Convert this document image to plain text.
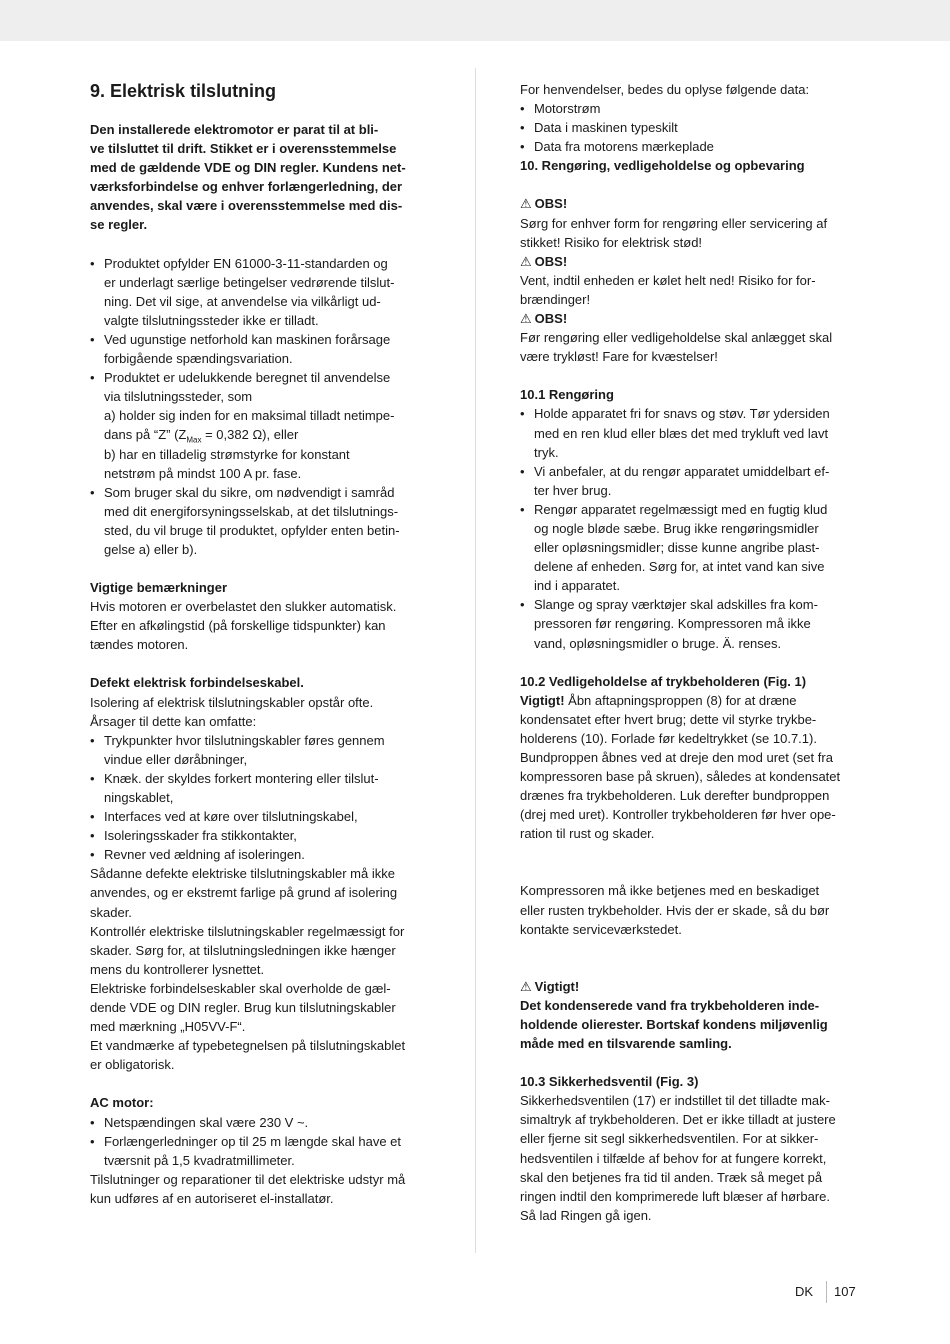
9. Elektrisk tilslutning

Den installerede elektromotor er parat til at bli-

ve tilsluttet til drift. Stikket er i overensstemmelse

med de gældende VDE og DIN regler. Kundens net-

værksforbindelse og enhver forlængerledning, der

anvendes, skal være i overensstemmelse med dis-

se regler.

• Produktet opfylder EN 61000-3-11-standarden og

er underlagt særlige betingelser vedrørende tilslut-

ning. Det vil sige, at anvendelse via vilkårligt ud-

valgte tilslutningssteder ikke er tilladt.

• Ved ugunstige netforhold kan maskinen forårsage

forbigående spændingsvariation.

• Produktet er udelukkende beregnet til anvendelse

via tilslutningssteder, som

a) holder sig inden for en maksimal tilladt netimpe-

dans på “Z” ($Z_{Max} = 0,382$ Ω), eller

b) har en tilladelig strømstyrke for konstant

netstrøm på mindst 100 A pr. fase.

• Som bruger skal du sikre, om nødvendigt i samråd

med dit energiforsyningsselskab, at det tilslutnings-

sted, du vil bruge til produktet, opfylder enten betin-

gelse a) eller b).

Vigtige bemærkninger

Hvis motoren er overbelastet den slukker automatisk.

Efter en afkølingstid (på forskellige tidspunkter) kan

tændes motoren.

Defekt elektrisk forbindelseskabel.

Isolering af elektrisk tilslutningskabler opstår ofte.

Årsager til dette kan omfatte:

• Trykpunkter hvor tilslutningskabler føres gennem

vindue eller døråbninger,

• Knæk. der skyldes forkert montering eller tilslut-

ningskablet,

• Interfaces ved at køre over tilslutningskabel,

• Isoleringsskader fra stikkontakter,

• Revner ved ældning af isoleringen.

Sådanne defekte elektriske tilslutningskabler må ikke

anvendes, og er ekstremt farlige på grund af isolering

skader.

Kontrollér elektriske tilslutningskabler regelmæssigt for

skader. Sørg for, at tilslutningsledningen ikke hænger

mens du kontrollerer lysnettet.

Elektriske forbindelseskabler skal overholde de gæl-

dende VDE og DIN regler. Brug kun tilslutningskabler

med mærkning „H05VV-F“.

Et vandmærke af typebetegnelsen på tilslutningskablet

er obligatorisk.

AC motor:

• Netspændingen skal være 230 V ~.

• Forlængerledninger op til 25 m længde skal have et

tværsnit på 1,5 kvadratmillimeter.

Tilslutninger og reparationer til det elektriske udstyr må

kun udføres af en autoriseret el-installatør.

For henvendelser, bedes du oplyse følgende data:

• Motorstrøm

• Data i maskinen typeskilt

• Data fra motorens mærkeplade

10. Rengøring, vedligeholdelse og opbevaring

⚠ OBS!

Sørg for enhver form for rengøring eller servicering af

stikket! Risiko for elektrisk stød!

⚠ OBS!

Vent, indtil enheden er kølet helt ned! Risiko for for-

brændinger!

⚠ OBS!

Før rengøring eller vedligeholdelse skal anlægget skal

være trykløst! Fare for kvæstelser!

10.1 Rengøring

• Holde apparatet fri for snavs og støv. Tør ydersiden

med en ren klud eller blæs det med trykluft ved lavt

tryk.

• Vi anbefaler, at du rengør apparatet umiddelbart ef-

ter hver brug.

• Rengør apparatet regelmæssigt med en fugtig klud

og nogle bløde sæbe. Brug ikke rengøringsmidler

eller opløsningsmidler; disse kunne angribe plast-

delene af enheden. Sørg for, at intet vand kan sive

ind i apparatet.

• Slange og spray værktøjer skal adskilles fra kom-

pressoren før rengøring. Kompressoren må ikke

vand, opløsningsmidler o bruge. Ä. renses.

10.2 Vedligeholdelse af trykbeholderen (Fig. 1)

Vigtigt! Åbn aftapningsproppen (8) for at dræne

kondensatet efter hvert brug; dette vil styrke trykbe-

holderens (10). Forlade før kedeltrykket (se 10.7.1).

Bundproppen åbnes ved at dreje den mod uret (set fra

kompressoren base på skruen), således at kondensatet

drænes fra trykbeholderen. Luk derefter bundproppen

(drej med uret). Kontroller trykbeholderen før hver ope-

ration til rust og skader.

Kompressoren må ikke betjenes med en beskadiget

eller rusten trykbeholder. Hvis der er skade, så du bør

kontakte serviceværkstedet.

⚠ Vigtigt!

Det kondenserede vand fra trykbeholderen inde-

holdende olierester. Bortskaf kondens miljøvenlig

måde med en tilsvarende samling.

10.3 Sikkerhedsventil (Fig. 3)

Sikkerhedsventilen (17) er indstillet til det tilladte mak-

simaltryk af trykbeholderen. Det er ikke tilladt at justere

eller fjerne sit segl sikkerhedsventilen. For at sikker-

hedsventilen i tilfælde af behov for at fungere korrekt,

skal den betjenes fra tid til anden. Træk så meget på

ringen indtil den komprimerede luft blæser af hørbare.

Så lad Ringen gå igen.

DK 107
